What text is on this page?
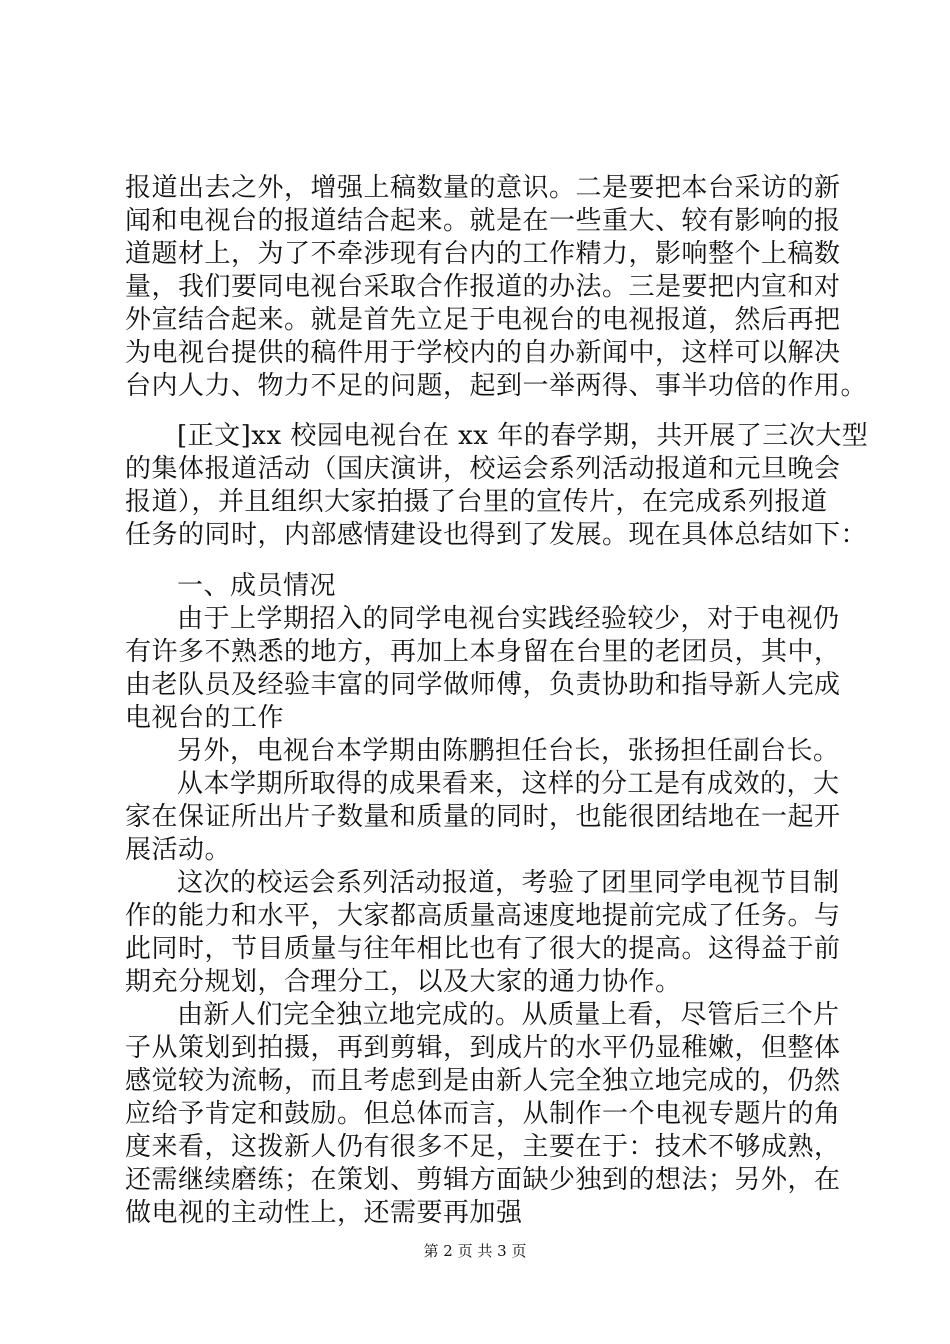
报道出去之外，增强上稿数量的意识。二是要把本台采访的新
闻和电视台的报道结合起来。就是在一些重大、较有影响的报
道题材上，为了不牵涉现有台内的工作精力，影响整个上稿数
量，我们要同电视台采取合作报道的办法。三是要把内宣和对
外宣结合起来。就是首先立足于电视台的电视报道，然后再把
为电视台提供的稿件用于学校内的自办新闻中，这样可以解决
台内人力、物力不足的问题，起到一举两得、事半功倍的作用。
[正文]xx 校园电视台在 xx 年的春学期，共开展了三次大型
的集体报道活动（国庆演讲，校运会系列活动报道和元旦晚会
报道），并且组织大家拍摄了台里的宣传片，在完成系列报道
任务的同时，内部感情建设也得到了发展。现在具体总结如下：
一、成员情况
由于上学期招入的同学电视台实践经验较少，对于电视仍
有许多不熟悉的地方，再加上本身留在台里的老团员，其中，
由老队员及经验丰富的同学做师傅，负责协助和指导新人完成
电视台的工作
另外，电视台本学期由陈鹏担任台长，张扬担任副台长。
从本学期所取得的成果看来，这样的分工是有成效的，大
家在保证所出片子数量和质量的同时，也能很团结地在一起开
展活动。
这次的校运会系列活动报道，考验了团里同学电视节目制
作的能力和水平，大家都高质量高速度地提前完成了任务。与
此同时，节目质量与往年相比也有了很大的提高。这得益于前
期充分规划，合理分工，以及大家的通力协作。
由新人们完全独立地完成的。从质量上看，尽管后三个片
子从策划到拍摄，再到剪辑，到成片的水平仍显稚嫩，但整体
感觉较为流畅，而且考虑到是由新人完全独立地完成的，仍然
应给予肯定和鼓励。但总体而言，从制作一个电视专题片的角
度来看，这拨新人仍有很多不足，主要在于：技术不够成熟，
还需继续磨练；在策划、剪辑方面缺少独到的想法；另外，在
做电视的主动性上，还需要再加强
第 2 页 共 3 页
